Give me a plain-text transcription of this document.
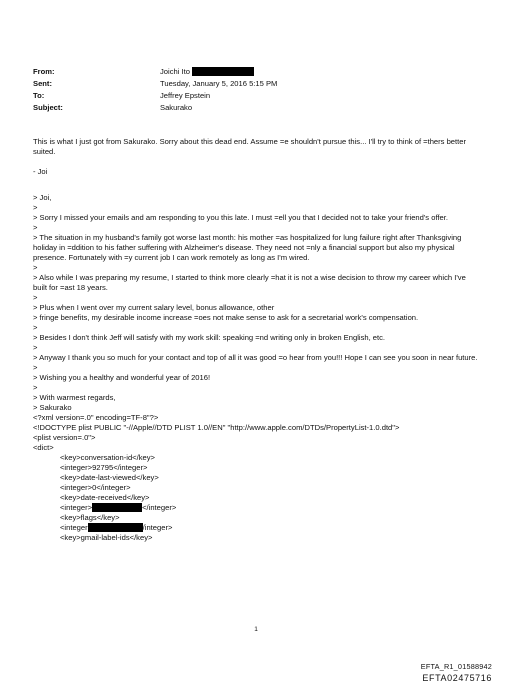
From:	Joichi Ito
Sent:	Tuesday, January 5, 2016 5:15 PM
To:	Jeffrey Epstein
Subject:	Sakurako

This is what I just got from Sakurako. Sorry about this dead end. Assume =e shouldn't pursue this... I'll try to think of =thers better suited.

- Joi

> Joi,

>

> Sorry I missed your emails and am responding to you this late. I must =ell you that I decided not to take your friend's offer.

>

> The situation in my husband's family got worse last month: his mother =as hospitalized for lung failure right after Thanksgiving holiday in =ddition to his father suffering with Alzheimer's disease. They need not =nly a financial support but also my physical presence. Fortunately with =y current job I can work remotely as long as I'm wired.

>

> Also while I was preparing my resume, I started to think more clearly =hat it is not a wise decision to throw my career which I've built for =ast 18 years.

>

> Plus when I went over my current salary level, bonus allowance, other

> fringe benefits, my desirable income increase =oes not make sense to ask for a secretarial work's compensation.

>

> Besides I don't think Jeff will satisfy with my work skill: speaking =nd writing only in broken English, etc.

>

> Anyway I thank you so much for your contact and top of all it was good =o hear from you!!! Hope I can see you soon in near future.

>

> Wishing you a healthy and wonderful year of 2016!

>

> With warmest regards,

> Sakurako

<?xml version=.0" encoding=TF-8"?>

<!DOCTYPE plist PUBLIC "-//Apple//DTD PLIST 1.0//EN" "http://www.apple.com/DTDs/PropertyList-1.0.dtd">

<plist version=.0">

<dict>

<key>conversation-id</key>

<integer>92795</integer>

<key>date-last-viewed</key>

<integer>0</integer>

<key>date-received</key>

<integer>	</integer>

<key>flags</key>

<integer	/integer>

<key>gmail-label-ids</key>

1
EFTA_R1_01588942
EFTA02475716
